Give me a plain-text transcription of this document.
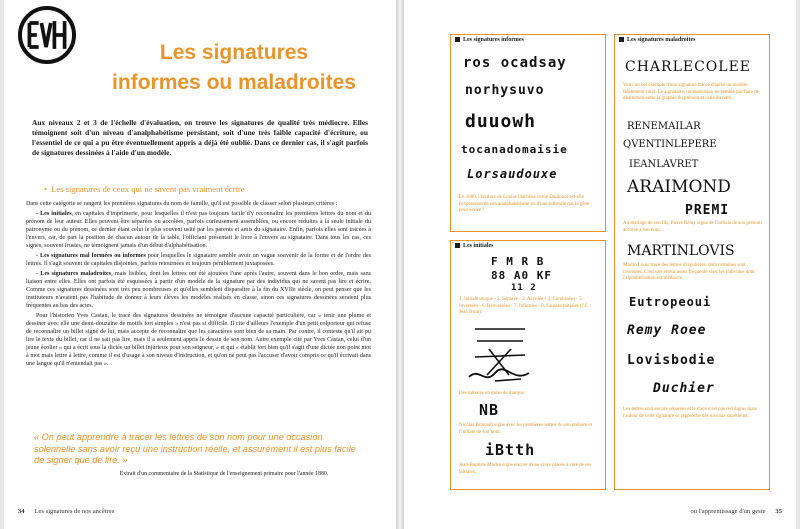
Les signatures
informes ou maladroites
Aux niveaux 2 et 3 de l'échelle d'évaluation, on trouve les signatures de qualité très médiocre. Elles témoignent soit d'un niveau d'analphabétisme persistant, soit d'une très faible capacité d'écriture, ou l'essentiel de ce qui a pu être éventuellement appris a déjà été oublié. Dans ce dernier cas, il s'agit parfois de signatures dessinées à l'aide d'un modèle.
• Les signatures de ceux qui ne savent pas vraiment écrire

Dans cette catégorie se rangent les premières signatures du nom de famille, qu'il est possible de classer selon plusieurs critères :

- Les initiales, en capitales d'imprimerie, pour lesquelles il n'est pas toujours facile d'y reconnaître les premières lettres du nom et du prénom de leur auteur. Elles peuvent être séparées ou accolées, parfois curieusement assemblées, ou encore réduites à la seule initiale du patronyme ou du prénom, ce dernier étant celui le plus souvent usité par les parents et amis du signataire. Enfin, parfois elles sont tracées à l'envers, car, de part la position de chacun autour de la table, l'officiant présentait le livre à l'envers au signataire. Dans tous les cas, ces signes, souvent frustes, ne témoignent jamais d'un début d'alphabétisation.

- Les signatures mal formées ou informes pour lesquelles le signataire semble avoir un vague souvenir de la forme et de l'ordre des lettres. Il s'agit souvent de capitales disjointes, parfois retournées et toujours péniblement juxtaposées.

- Les signatures maladroites, mais lisibles, dont les lettres ont été ajoutées l'une après l'autre, souvent dans le bon ordre, mais sans liaison entre elles. Elles ont parfois été esquissées à partir d'un modèle de la signature par des individus qui ne savent pas lire et écrire. Comme ces signatures dessinées sont très peu nombreuses et qu'elles semblent disparaître à la fin du XVIIe siècle, on peut penser que les instituteurs n'avaient pas l'habitude de donner à leurs élèves les modèles réalisés en classe, sinon ces signatures dessinées seraient plus fréquentes au bas des actes.

Pour l'historien Yves Castan, le tracé des signatures dessinées ne témoigne d'aucune capacité particulière, car « tenir une plume et dessiner avec elle une demi-douzaine de motifs fort simples » n'est pas si difficile. Il cite d'ailleurs l'exemple d'un petit colporteur qui refuse de reconnaître un billet signé de lui, mais accepte de reconnaître que les caractères sont bien de sa main. Par contre, il conteste qu'il ait pu lire le texte du billet, car il ne sait pas lire, mais il a seulement appris le dessin de son nom. Autre exemple cité par Yves Castan, celui d'un jeune écolier « qui a écrit sous la dictée un billet injurieux pour son seigneur, » et qui « établit fort bien qu'il s'agit d'une dictée non point mot à mot mais lettre à lettre, comme il est d'usage à son niveau d'instruction, et qu'on ne peut pas l'accuser d'avoir compris ce qu'il écrivait dans une langue qu'il n'entendait pas ».

« On peut apprendre à tracer les lettres de son nom pour une occasion solennelle sans avoir reçu une instruction réelle, et assurément il est plus facile de signer que de lire. »
Extrait d'un commentaire de la Statistique de l'enseignement primaire pour l'année 1880.
34 Les signatures de nos ancêtres
Les signatures informes
ros ocadsay
norhysuvo
duuowh
tocanadomaisie
Lorsaudouxe
En 1809, l'écriture de Louise Duchêne verne Duphinol est-elle l'expression de son analphabétisme ou d'une infirmité qui la gêne pour écrire ?
Les initiales
F M R B
88 A0 KF
11 2
1. Initiale unique - 2. Séparée - 3. Accolée - 4. Combinées - 5. Inversées - 6. Renversées - 7. Informes - 8. Fausses initiales (J.F. : Jean Brun).
Des initiales en guise de marque.
NB
Nicolas Brunault signe avec les premières lettres de son prénom et l'initiale de son nom.
iBtth
Jean-Baptiste Morlin signe encore d'une croix placée à côté de ses initiales.
Les signatures maladroites
CHARLECOLEE
Voici un bel exemple d'une signature tracée d'après un modèle fidèlement suivi. Le signataire, un menuisier, ne semble pas faire de distinction entre la graphie du prénom et celle du nom.
RENEMAILAR
QVENTINLEPERE
IEANLAVRET
ARAIMOND
PREMI
Au mariage de son fils, Pierre Rémy signe de l'initiale de son prénom accolée à son nom.
MARTINLOVIS
Martin Louis trace des lettres irrégulières, dont certaines sont inversées. C'est une erreur assez fréquente chez les individus dont l'alphabétisation est médiocre.
Eutropeoui
Remy Roee
Lovisbodie
Duchier
Les lettres sont encore séparées et le tracé n'est pas rectiligne, mais l'auteur de cette signature se rapproche des niveaux supérieurs.
ou l'apprentissage d'un geste 35
